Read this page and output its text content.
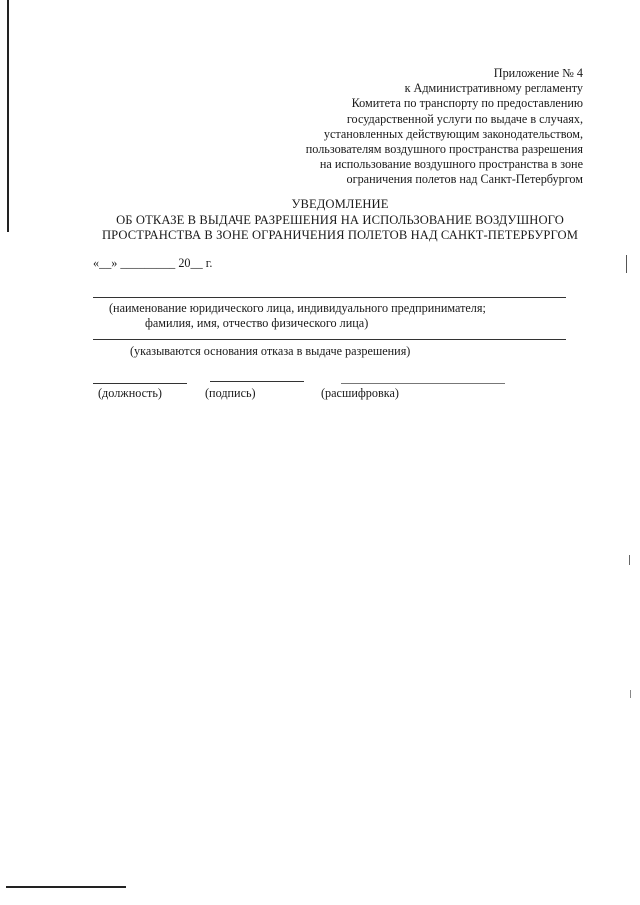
Приложение № 4
к Административному регламенту
Комитета по транспорту по предоставлению
государственной услуги по выдаче в случаях,
установленных действующим законодательством,
пользователям воздушного пространства разрешения
на использование воздушного пространства в зоне
ограничения полетов над Санкт-Петербургом
УВЕДОМЛЕНИЕ
ОБ ОТКАЗЕ В ВЫДАЧЕ РАЗРЕШЕНИЯ НА ИСПОЛЬЗОВАНИЕ ВОЗДУШНОГО
ПРОСТРАНСТВА В ЗОНЕ ОГРАНИЧЕНИЯ ПОЛЕТОВ НАД САНКТ-ПЕТЕРБУРГОМ
«__» _________ 20__ г.
(наименование юридического лица, индивидуального предпринимателя;
фамилия, имя, отчество физического лица)
(указываются основания отказа в выдаче разрешения)
(должность)	(подпись)	(расшифровка)
